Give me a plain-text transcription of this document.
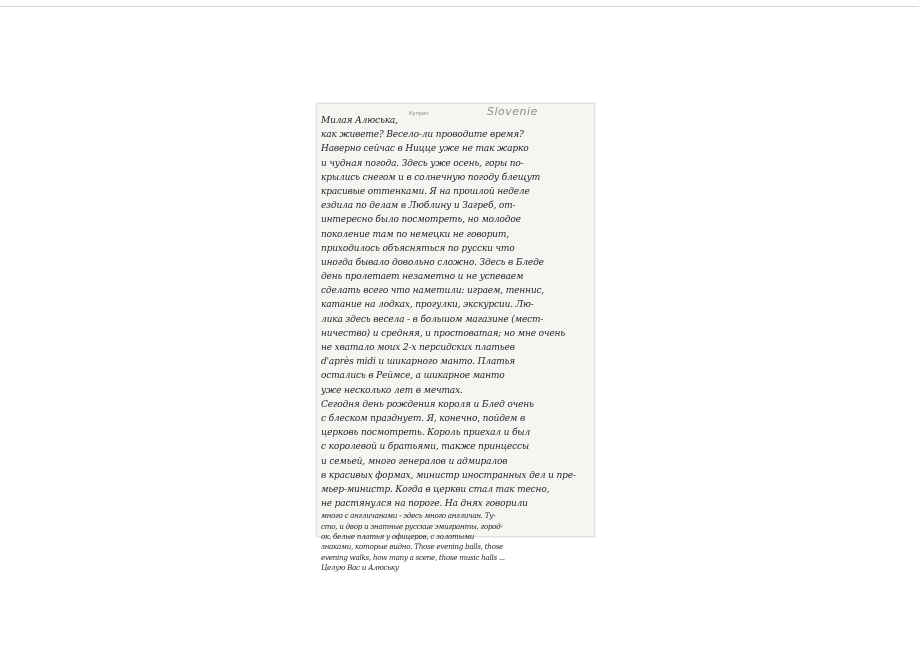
Куприн	Slovenie
Милая Алюська,
как живете? Весело-ли проводите время?
Наверно сейчас в Ницце уже не так жарко
и чудная погода. Здесь уже осень, горы по-
крылись снегом и в солнечную погоду блещут
красивые оттенками. Я на прошлой неделе
ездила по делам в Люблину и Загреб, от-
интересно было посмотреть, но молодое
поколение там по немецки не говорит,
приходилось объясняться по русски что
иногда бывало довольно сложно. Здесь в Бледе
день пролетает незаметно и не успеваем
сделать всего что наметили: играем, теннис,
катание на лодках, прогулки, экскурсии. Лю-
лика здесь весела - в большом магазине (мест-
ничество) и средняя, и простоватая; но мне очень
не хватало моих 2-х персидских платьев
d'après midi и шикарного манто. Платья
остались в Реймсе, а шикарное манто
уже несколько лет в мечтах.
Сегодня день рождения короля и Блед очень
с блеском празднует. Я, конечно, пойдем в
церковь посмотреть. Король приехал и был
с королевой и братьями, также принцессы
и семьей, много генералов и адмиралов
в красивых формах, министр иностранных дел и пре-
мьер-министр. Когда в церкви стал так тесно,
не растянулся на пороге. На днях говорили
много с англичанами - здесь много англичан. Ту-
сто, и двор и знатные русские эмигранты, город-
ок, белые платья у офицеров, с золотыми
знаками, которые видно. Those evening balls, those
evening walks, how many a scene, those music halls ...
Целую Вас и Алюську
